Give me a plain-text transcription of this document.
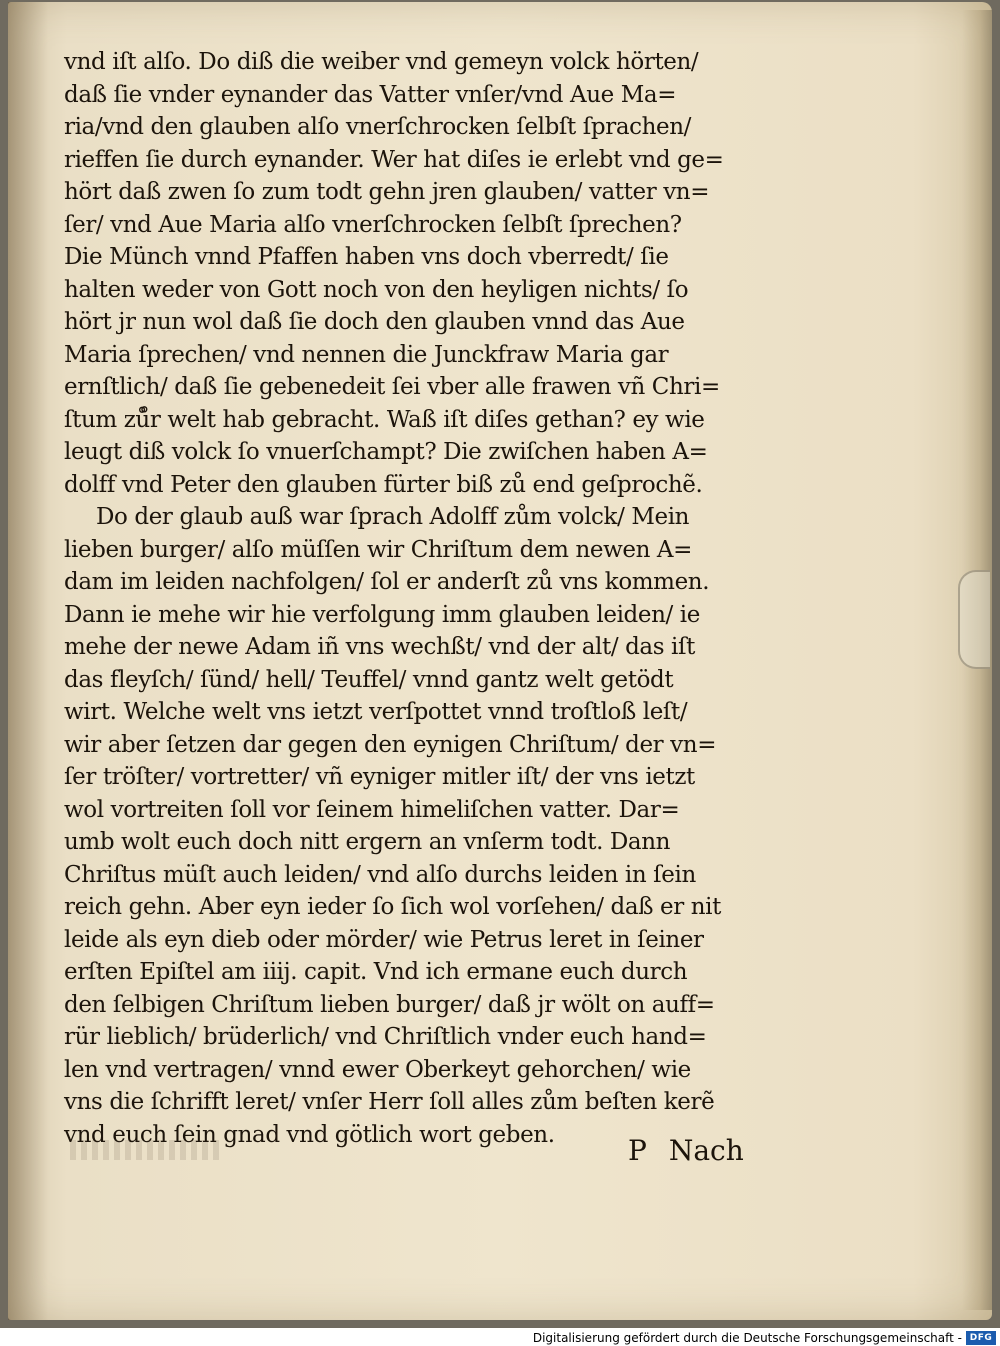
vnd iſt alſo. Do diß die weiber vnd gemeyn volck hörten/
daß ſie vnder eynander das Vatter vnſer/vnd Aue Ma=
ria/vnd den glauben alſo vnerſchrocken ſelbſt ſprachen/
rieffen ſie durch eynander. Wer hat diſes ie erlebt vnd ge=
hört daß zwen ſo zum todt gehn jren glauben/ vatter vn=
ſer/ vnd Aue Maria alſo vnerſchrocken ſelbſt ſprechen?
Die Münch vnnd Pfaffen haben vns doch vberredt/ ſie
halten weder von Gott noch von den heyligen nichts/ ſo
hört jr nun wol daß ſie doch den glauben vnnd das Aue
Maria ſprechen/ vnd nennen die Junckfraw Maria gar
ernſtlich/ daß ſie gebenedeit ſei vber alle frawen vñ Chri=
ſtum zů̊r welt hab gebracht. Waß iſt diſes gethan? ey wie
leugt diß volck ſo vnuerſchampt? Die zwiſchen haben A=
dolff vnd Peter den glauben fürter biß zů end geſprochẽ.
Do der glaub auß war ſprach Adolff zům volck/ Mein
lieben burger/ alſo müſſen wir Chriſtum dem newen A=
dam im leiden nachfolgen/ ſol er anderſt zů vns kommen.
Dann ie mehe wir hie verfolgung imm glauben leiden/ ie
mehe der newe Adam iñ vns wechßt/ vnd der alt/ das iſt
das fleyſch/ ſünd/ hell/ Teuffel/ vnnd gantz welt getödt
wirt. Welche welt vns ietzt verſpottet vnnd troſtloß leſt/
wir aber ſetzen dar gegen den eynigen Chriſtum/ der vn=
ſer tröſter/ vortretter/ vñ eyniger mitler iſt/ der vns ietzt
wol vortreiten ſoll vor ſeinem himeliſchen vatter. Dar=
umb wolt euch doch nitt ergern an vnſerm todt. Dann
Chriſtus müſt auch leiden/ vnd alſo durchs leiden in ſein
reich gehn. Aber eyn ieder ſo ſich wol vorſehen/ daß er nit
leide als eyn dieb oder mörder/ wie Petrus leret in ſeiner
erſten Epiſtel am iiij. capit. Vnd ich ermane euch durch
den ſelbigen Chriſtum lieben burger/ daß jr wölt on auff=
rür lieblich/ brüderlich/ vnd Chriſtlich vnder euch hand=
len vnd vertragen/ vnnd ewer Oberkeyt gehorchen/ wie
vns die ſchrifft leret/ vnſer Herr ſoll alles zům beſten kerẽ
vnd euch ſein gnad vnd götlich wort geben.	P Nach
Digitalisierung gefördert durch die Deutsche Forschungsgemeinschaft - DFG
